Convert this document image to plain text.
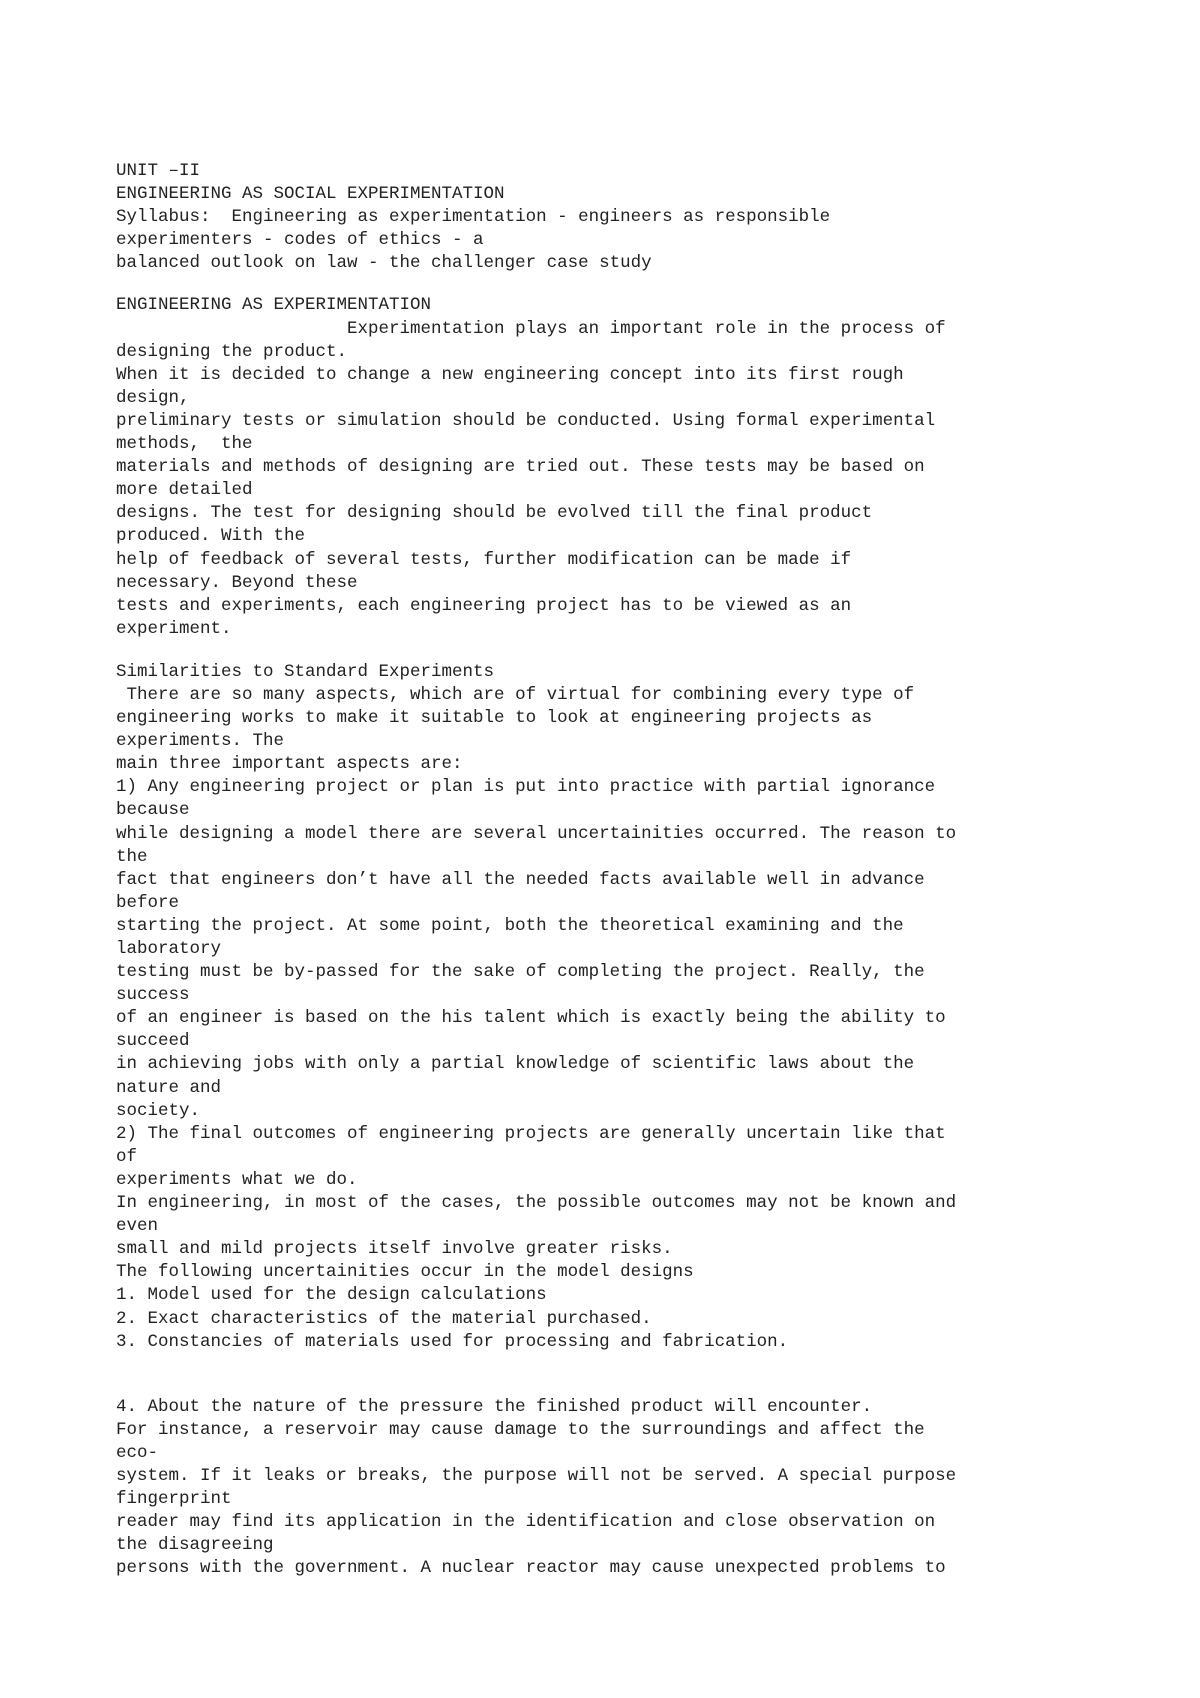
UNIT –II
ENGINEERING AS SOCIAL EXPERIMENTATION
Syllabus:  Engineering as experimentation - engineers as responsible
experimenters - codes of ethics - a
balanced outlook on law - the challenger case study
ENGINEERING AS EXPERIMENTATION
Experimentation plays an important role in the process of
designing the product.
When it is decided to change a new engineering concept into its first rough
design,
preliminary tests or simulation should be conducted. Using formal experimental
methods,  the
materials and methods of designing are tried out. These tests may be based on
more detailed
designs. The test for designing should be evolved till the final product
produced. With the
help of feedback of several tests, further modification can be made if
necessary. Beyond these
tests and experiments, each engineering project has to be viewed as an
experiment.
Similarities to Standard Experiments
There are so many aspects, which are of virtual for combining every type of
engineering works to make it suitable to look at engineering projects as
experiments. The
main three important aspects are:
1) Any engineering project or plan is put into practice with partial ignorance
because
while designing a model there are several uncertainities occurred. The reason to
the
fact that engineers don’t have all the needed facts available well in advance
before
starting the project. At some point, both the theoretical examining and the
laboratory
testing must be by-passed for the sake of completing the project. Really, the
success
of an engineer is based on the his talent which is exactly being the ability to
succeed
in achieving jobs with only a partial knowledge of scientific laws about the
nature and
society.
2) The final outcomes of engineering projects are generally uncertain like that
of
experiments what we do.
In engineering, in most of the cases, the possible outcomes may not be known and
even
small and mild projects itself involve greater risks.
The following uncertainities occur in the model designs
1. Model used for the design calculations
2. Exact characteristics of the material purchased.
3. Constancies of materials used for processing and fabrication.
4. About the nature of the pressure the finished product will encounter.
For instance, a reservoir may cause damage to the surroundings and affect the
eco-
system. If it leaks or breaks, the purpose will not be served. A special purpose
fingerprint
reader may find its application in the identification and close observation on
the disagreeing
persons with the government. A nuclear reactor may cause unexpected problems to
